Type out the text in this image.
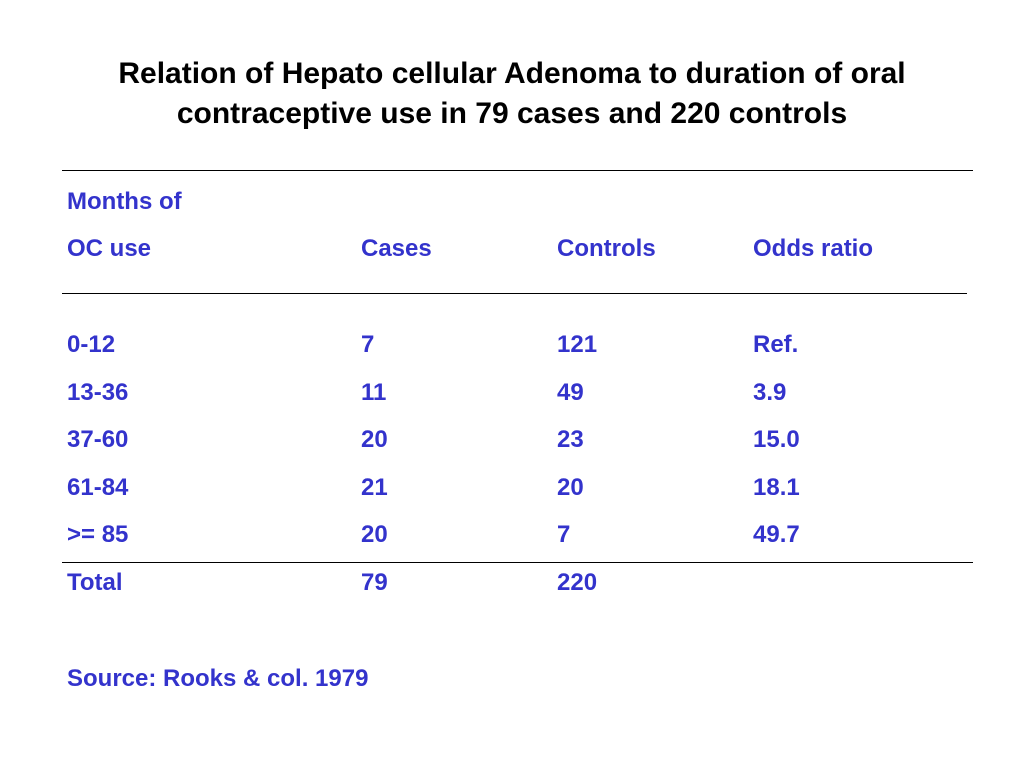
Relation of Hepato cellular Adenoma to duration of oral
contraceptive use in 79 cases and 220 controls
Months of
OC use	Cases	Controls	Odds ratio
0-12	7	121	Ref.
13-36	11	49	3.9
37-60	20	23	15.0
61-84	21	20	18.1
>= 85	20	7	49.7
Total	79	220
Source: Rooks & col. 1979
